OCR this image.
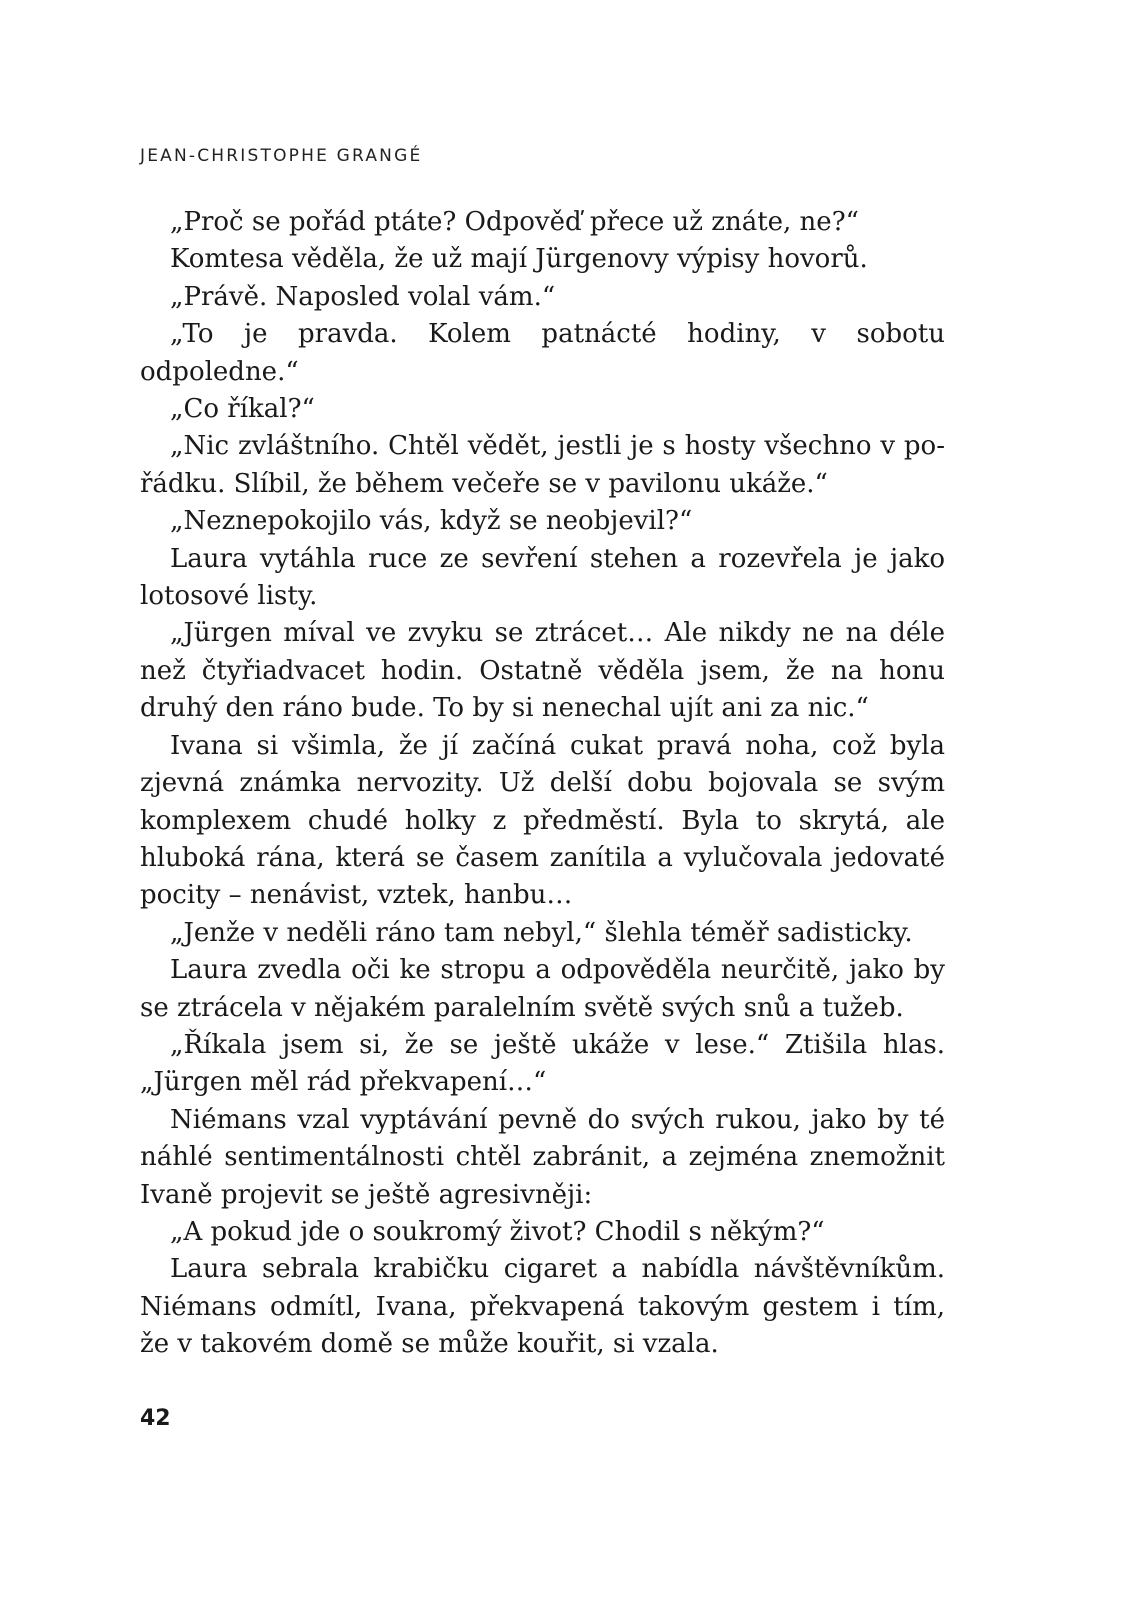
JEAN-CHRISTOPHE GRANGÉ

„Proč se pořád ptáte? Odpověď přece už znáte, ne?“

Komtesa věděla, že už mají Jürgenovy výpisy hovorů.

„Právě. Naposled volal vám.“

„To je pravda. Kolem patnácté hodiny, v sobotu odpoledne.“

„Co říkal?“

„Nic zvláštního. Chtěl vědět, jestli je s hosty všechno v pořádku. Slíbil, že během večeře se v pavilonu ukáže.“

„Neznepokojilo vás, když se neobjevil?“

Laura vytáhla ruce ze sevření stehen a rozevřela je jako lotosové listy.

„Jürgen míval ve zvyku se ztrácet… Ale nikdy ne na déle než čtyřiadvacet hodin. Ostatně věděla jsem, že na honu druhý den ráno bude. To by si nenechal ujít ani za nic.“

Ivana si všimla, že jí začíná cukat pravá noha, což byla zjevná známka nervozity. Už delší dobu bojovala se svým komplexem chudé holky z předměstí. Byla to skrytá, ale hluboká rána, která se časem zanítila a vylučovala jedovaté pocity – nenávist, vztek, hanbu…

„Jenže v neděli ráno tam nebyl,“ šlehla téměř sadisticky.

Laura zvedla oči ke stropu a odpověděla neurčitě, jako by se ztrácela v nějakém paralelním světě svých snů a tužeb.

„Říkala jsem si, že se ještě ukáže v lese.“ Ztišila hlas. „Jürgen měl rád překvapení…“

Niémans vzal vyptávání pevně do svých rukou, jako by té náhlé sentimentálnosti chtěl zabránit, a zejména znemožnit Ivaně projevit se ještě agresivněji:

„A pokud jde o soukromý život? Chodil s někým?“

Laura sebrala krabičku cigaret a nabídla návštěvníkům. Niémans odmítl, Ivana, překvapená takovým gestem i tím, že v takovém domě se může kouřit, si vzala.

42
